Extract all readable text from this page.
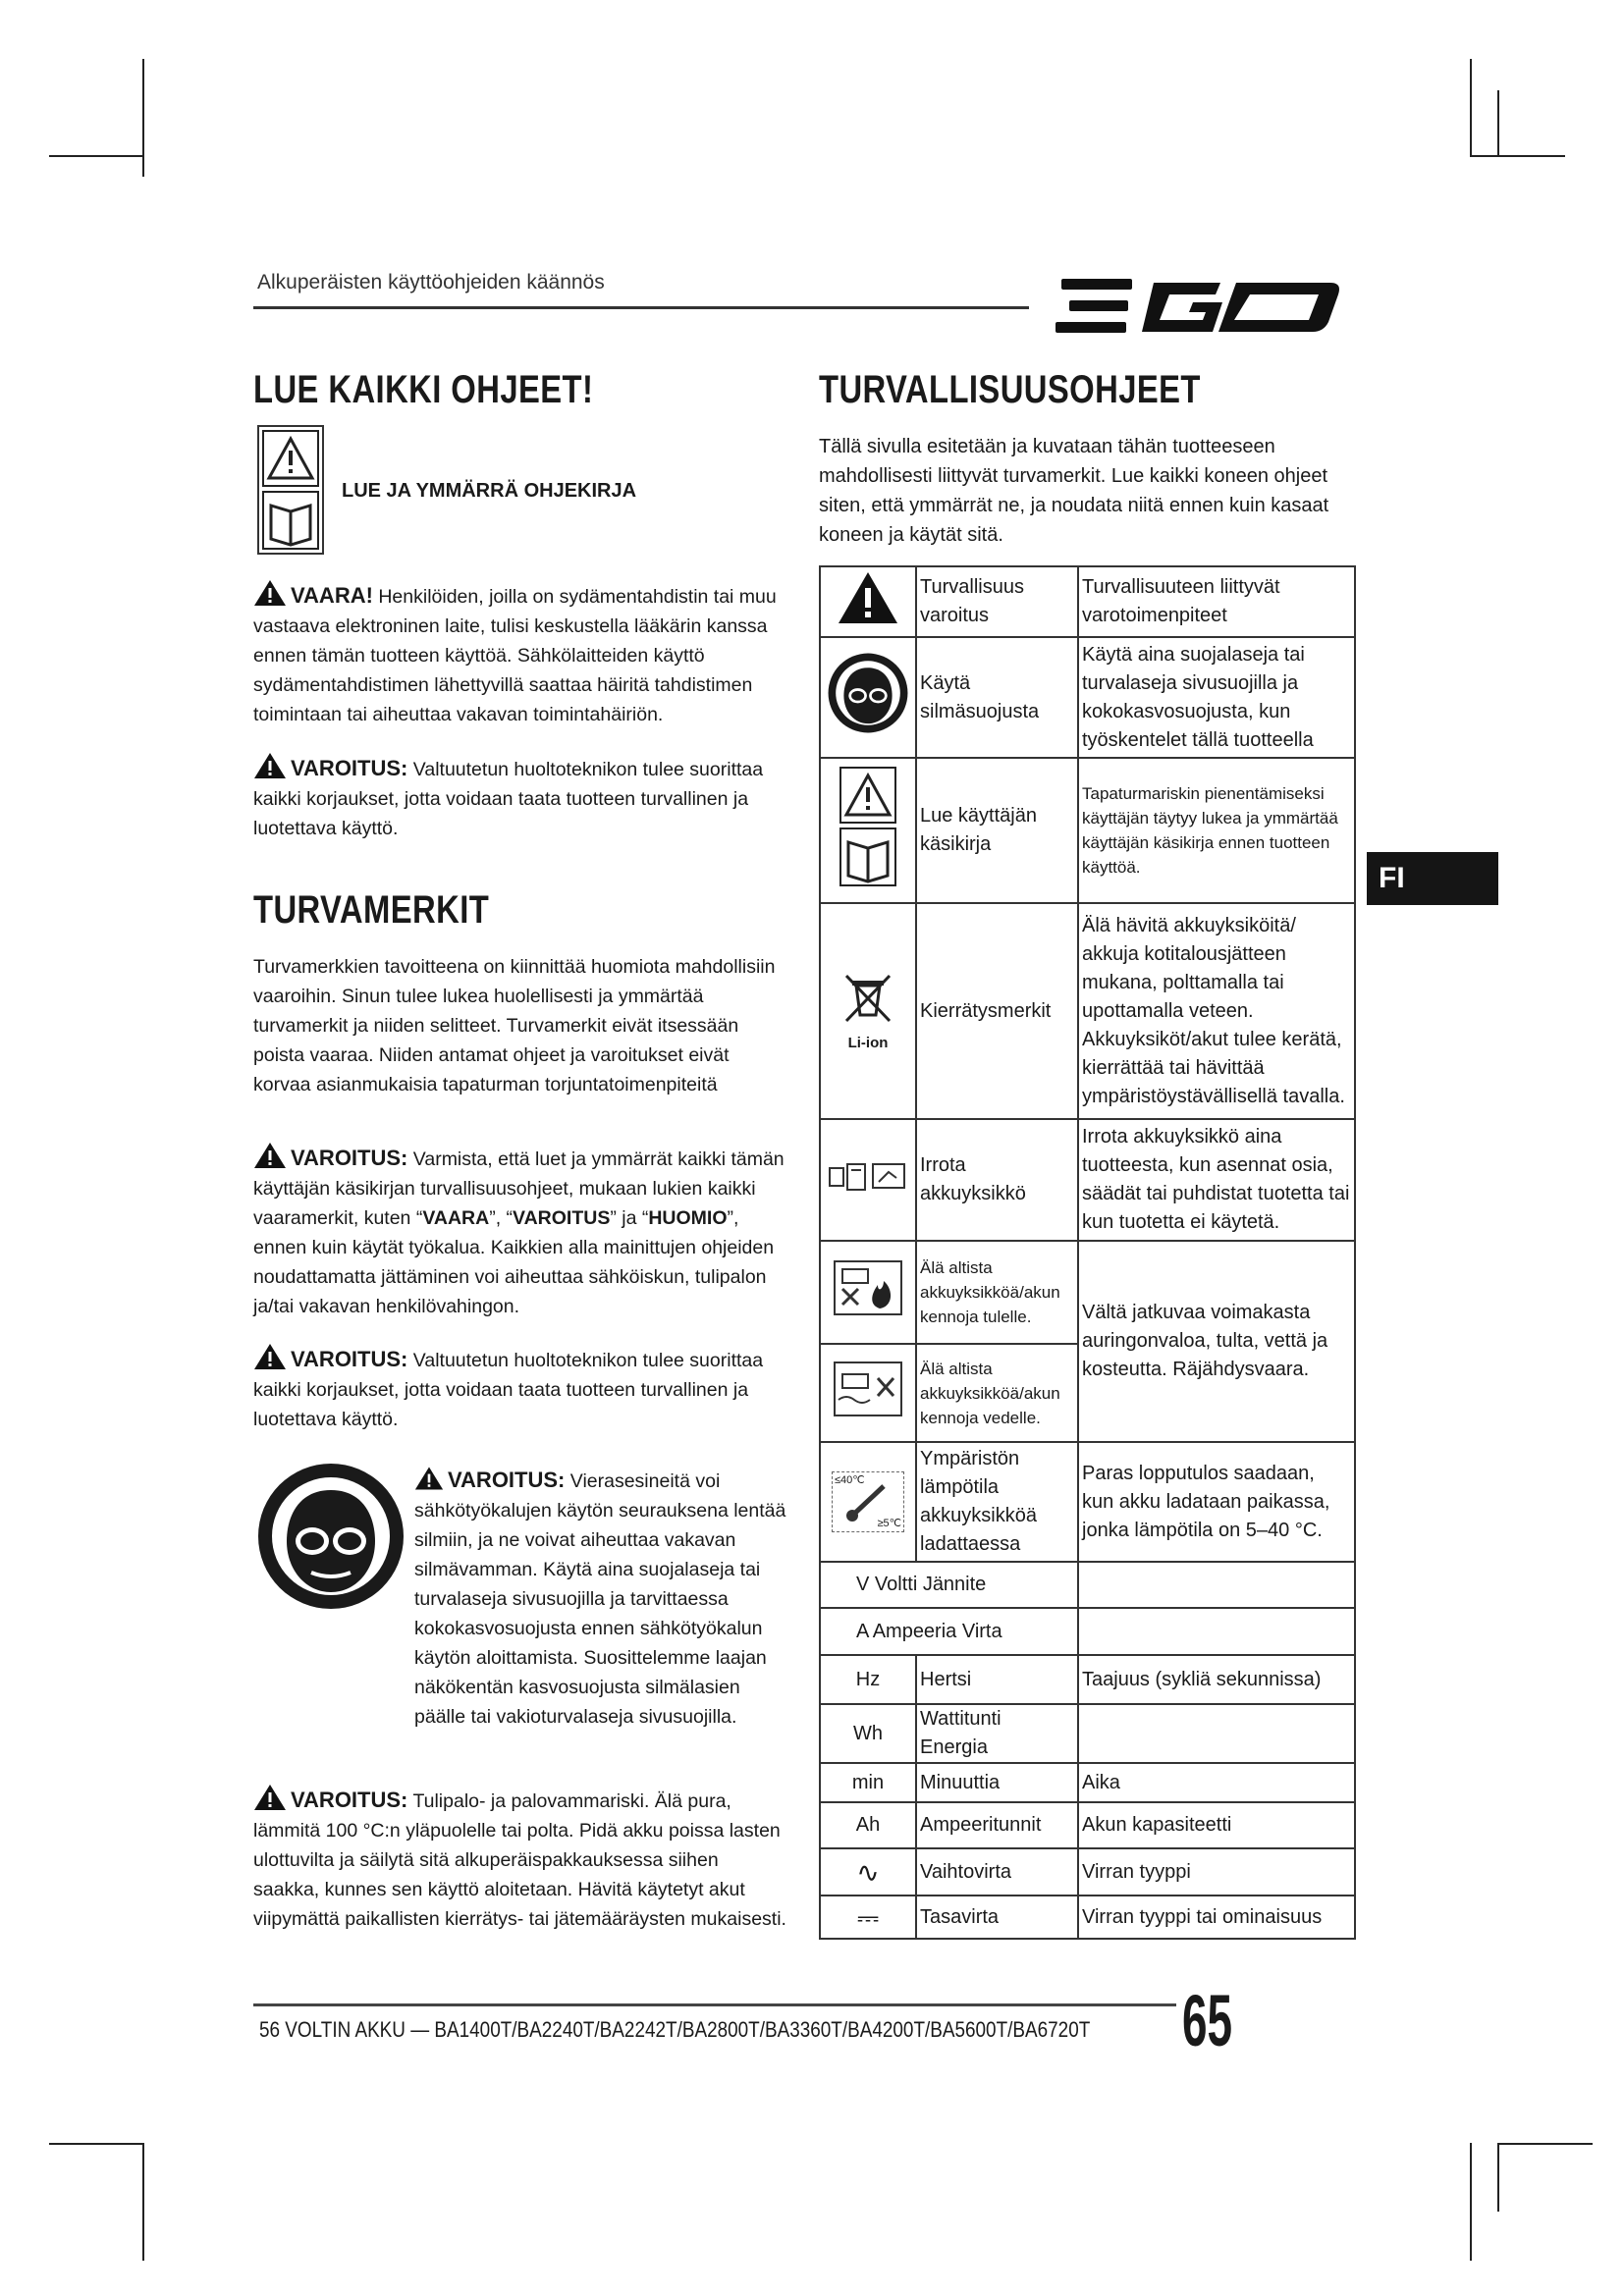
Alkuperäisten käyttöohjeiden käännös
LUE KAIKKI OHJEET!
LUE JA YMMÄRRÄ OHJEKIRJA
VAARA! Henkilöiden, joilla on sydämentahdistin tai muu vastaava elektroninen laite, tulisi keskustella lääkärin kanssa ennen tämän tuotteen käyttöä. Sähkölaitteiden käyttö sydämentahdistimen lähettyvillä saattaa häiritä tahdistimen toimintaan tai aiheuttaa vakavan toimintahäiriön.
VAROITUS: Valtuutetun huoltoteknikon tulee suorittaa kaikki korjaukset, jotta voidaan taata tuotteen turvallinen ja luotettava käyttö.
TURVAMERKIT
Turvamerkkien tavoitteena on kiinnittää huomiota mahdollisiin vaaroihin. Sinun tulee lukea huolellisesti ja ymmärtää turvamerkit ja niiden selitteet. Turvamerkit eivät itsessään poista vaaraa. Niiden antamat ohjeet ja varoitukset eivät korvaa asianmukaisia tapaturman torjuntatoimenpiteitä
VAROITUS: Varmista, että luet ja ymmärrät kaikki tämän käyttäjän käsikirjan turvallisuusohjeet, mukaan lukien kaikki vaaramerkit, kuten “VAARA”, “VAROITUS” ja “HUOMIO”, ennen kuin käytät työkalua. Kaikkien alla mainittujen ohjeiden noudattamatta jättäminen voi aiheuttaa sähköiskun, tulipalon ja/tai vakavan henkilövahingon.
VAROITUS: Valtuutetun huoltoteknikon tulee suorittaa kaikki korjaukset, jotta voidaan taata tuotteen turvallinen ja luotettava käyttö.
VAROITUS: Vierasesineitä voi sähkötyökalujen käytön seurauksena lentää silmiin, ja ne voivat aiheuttaa vakavan silmävamman. Käytä aina suojalaseja tai turvalaseja sivusuojilla ja tarvittaessa kokokasvosuojusta ennen sähkötyökalun käytön aloittamista. Suosittelemme laajan näkökentän kasvosuojusta silmälasien päälle tai vakioturvalaseja sivusuojilla.
VAROITUS: Tulipalo- ja palovammariski. Älä pura, lämmitä 100 °C:n yläpuolelle tai polta. Pidä akku poissa lasten ulottuvilta ja säilytä sitä alkuperäispakkauksessa siihen saakka, kunnes sen käyttö aloitetaan. Hävitä käytetyt akut viipymättä paikallisten kierrätys- tai jätemääräysten mukaisesti.
TURVALLISUUSOHJEET
Tällä sivulla esitetään ja kuvataan tähän tuotteeseen mahdollisesti liittyvät turvamerkit. Lue kaikki koneen ohjeet siten, että ymmärrät ne, ja noudata niitä ennen kuin kasaat koneen ja käytät sitä.
	Turvallisuus varoitus	Turvallisuuteen liittyvät varotoimenpiteet
	Käytä silmäsuojusta	Käytä aina suojalaseja tai turvalaseja sivusuojilla ja kokokasvosuojusta, kun työskentelet tällä tuotteella
	Lue käyttäjän käsikirja	Tapaturmariskin pienentämiseksi käyttäjän täytyy lukea ja ymmärtää käyttäjän käsikirja ennen tuotteen käyttöä.

Li-ion	Kierrätysmerkit	Älä hävitä akkuyksiköitä/ akkuja kotitalousjätteen mukana, polttamalla tai upottamalla veteen. Akkuyksiköt/akut tulee kerätä, kierrättää tai hävittää ympäristöystävällisellä tavalla.
	Irrota akkuyksikkö	Irrota akkuyksikkö aina tuotteesta, kun asennat osia, säädät tai puhdistat tuotetta tai kun tuotetta ei käytetä.
	Älä altista akkuyksikköä/akun kennoja tulelle.	Vältä jatkuvaa voimakasta auringonvaloa, tulta, vettä ja kosteutta. Räjähdysvaara.
	Älä altista akkuyksikköä/akun kennoja vedelle.	

≤40℃
≥5℃	Ympäristön lämpötila akkuyksikköä ladattaessa	Paras lopputulos saadaan, kun akku ladataan paikassa, jonka lämpötila on 5–40 °C.
V Voltti Jännite		
A Ampeeria Virta		
Hz	Hertsi	Taajuus (sykliä sekunnissa)
Wh	Wattitunti Energia	
min	Minuuttia	Aika
Ah	Ampeeritunnit	Akun kapasiteetti
∿	Vaihtovirta	Virran tyyppi
⎓	Tasavirta	Virran tyyppi tai ominaisuus
FI
56 VOLTIN AKKU — BA1400T/BA2240T/BA2242T/BA2800T/BA3360T/BA4200T/BA5600T/BA6720T 65
